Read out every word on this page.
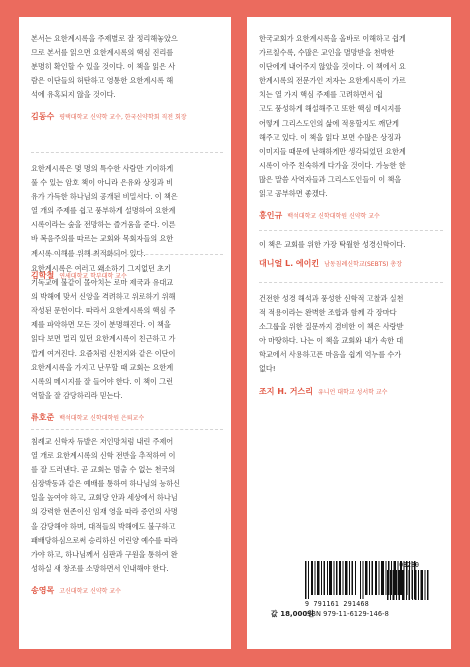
본서는 요한계시록을 주제별로 잘 정리해놓았으
므로 본서를 읽으면 요한계시록의 핵심 진리를
분명히 확인할 수 있을 것이다. 이 책을 읽은 사
람은 이단들의 허탄하고 영통한 요한계시록 해
석에 유혹되지 않을 것이다.

김동수 평택대학교 신약학 교수, 한국신약학회 직전 회장

요한계시록은 몇 명의 특수한 사람만 기이하게
풀 수 있는 암호 책이 아니라 은유와 상징과 비
유가 가득한 하나님의 공개된 비밀서다. 이 책은
열 개의 주제를 쉽고 풍부하게 설명하여 요한계
시록이라는 숲을 전망하는 즐거움을 준다. 이른
바 복음주의를 따르는 교회와 목회자들의 요한
계시록 이해를 위해 최적화되어 있다.

김학철 연세대학교 학부대학 교수

요한계시록은 여러고 왜소하기 그지없던 초기
기독교에 불같이 몰아치는 로마 제국과 유대교
의 박해에 맞서 신앙을 격려하고 위로하기 위해
작성된 문헌이다. 따라서 요한계시록의 핵심 주
제를 파악하면 모든 것이 분명해진다. 이 책을
읽다 보면 멀리 있던 요한계시록이 친근하고 가
깝게 여겨진다. 요즘처럼 신천지와 같은 이단이
요한계시록을 가지고 난무할 때 교회는 요한계
시록의 메시지를 잘 들어야 한다. 이 책이 그런
역할을 잘 감당하리라 믿는다.

류호준 백석대학교 신학대학원 은퇴교수

침례교 신학자 듀발은 저인망처럼 내린 주제어
열 개로 요한계시록의 신학 전반을 추적하여 이
를 잘 드러낸다. 곧 교회는 멈출 수 없는 천국의
심장박동과 같은 예배를 통하여 하나님의 능하신
일을 높여야 하고, 교회당 안과 세상에서 하나님
의 강력한 현존이신 임재 영을 따라 증언의 사명
을 감당해야 하며, 대적들의 박해에도 불구하고
패배당하심으로써 승리하신 어린양 예수를 따라
가야 하고, 하나님께서 심판과 구원을 통하여 완
성하실 새 창조를 소망하면서 인내해야 한다.

송영목 고신대학교 신약학 교수

한국교회가 요한계시록을 올바로 이해하고 쉽게
가르칠수록, 수많은 교인을 멸망받을 천박한
이단에게 내어주지 않았을 것이다. 이 책에서 요
한계시록의 전문가인 저자는 요한계시록이 가르
치는 열 가지 핵심 주제를 고려하면서 쉽
고도 풍성하게 해설해주고 또한 핵심 메시지를
어떻게 그리스도인의 삶에 적용할지도 깨닫게
해주고 있다. 이 책을 읽다 보면 수많은 상징과
이미지들 때문에 난해하게만 생각되었던 요한계
시록이 아주 친숙하게 다가올 것이다. 가능한 한
많은 말씀 사역자들과 그리스도인들이 이 책을
읽고 공부하면 좋겠다.

홍인규 백석대학교 신학대학원 신약학 교수

이 책은 교회를 위한 가장 탁월한 성경신학이다.

대니얼 L. 에이킨 남동침례신학교(SEBTS) 총장

건전한 성경 해석과 풍성한 신학적 고찰과 실천
적 적용이라는 완벽한 조합과 함께 각 장마다
소그룹을 위한 질문까지 겸비한 이 책은 사랑받
아 마땅하다. 나는 이 책을 교회와 내가 속한 대
학교에서 사용하고픈 마음을 쉽게 억누를 수가
없다!

조지 H. 거스리 유니언 대학교 성서학 교수
9 791161 291468
ISBN 979-11-6129-146-8
03230
값 18,000원
